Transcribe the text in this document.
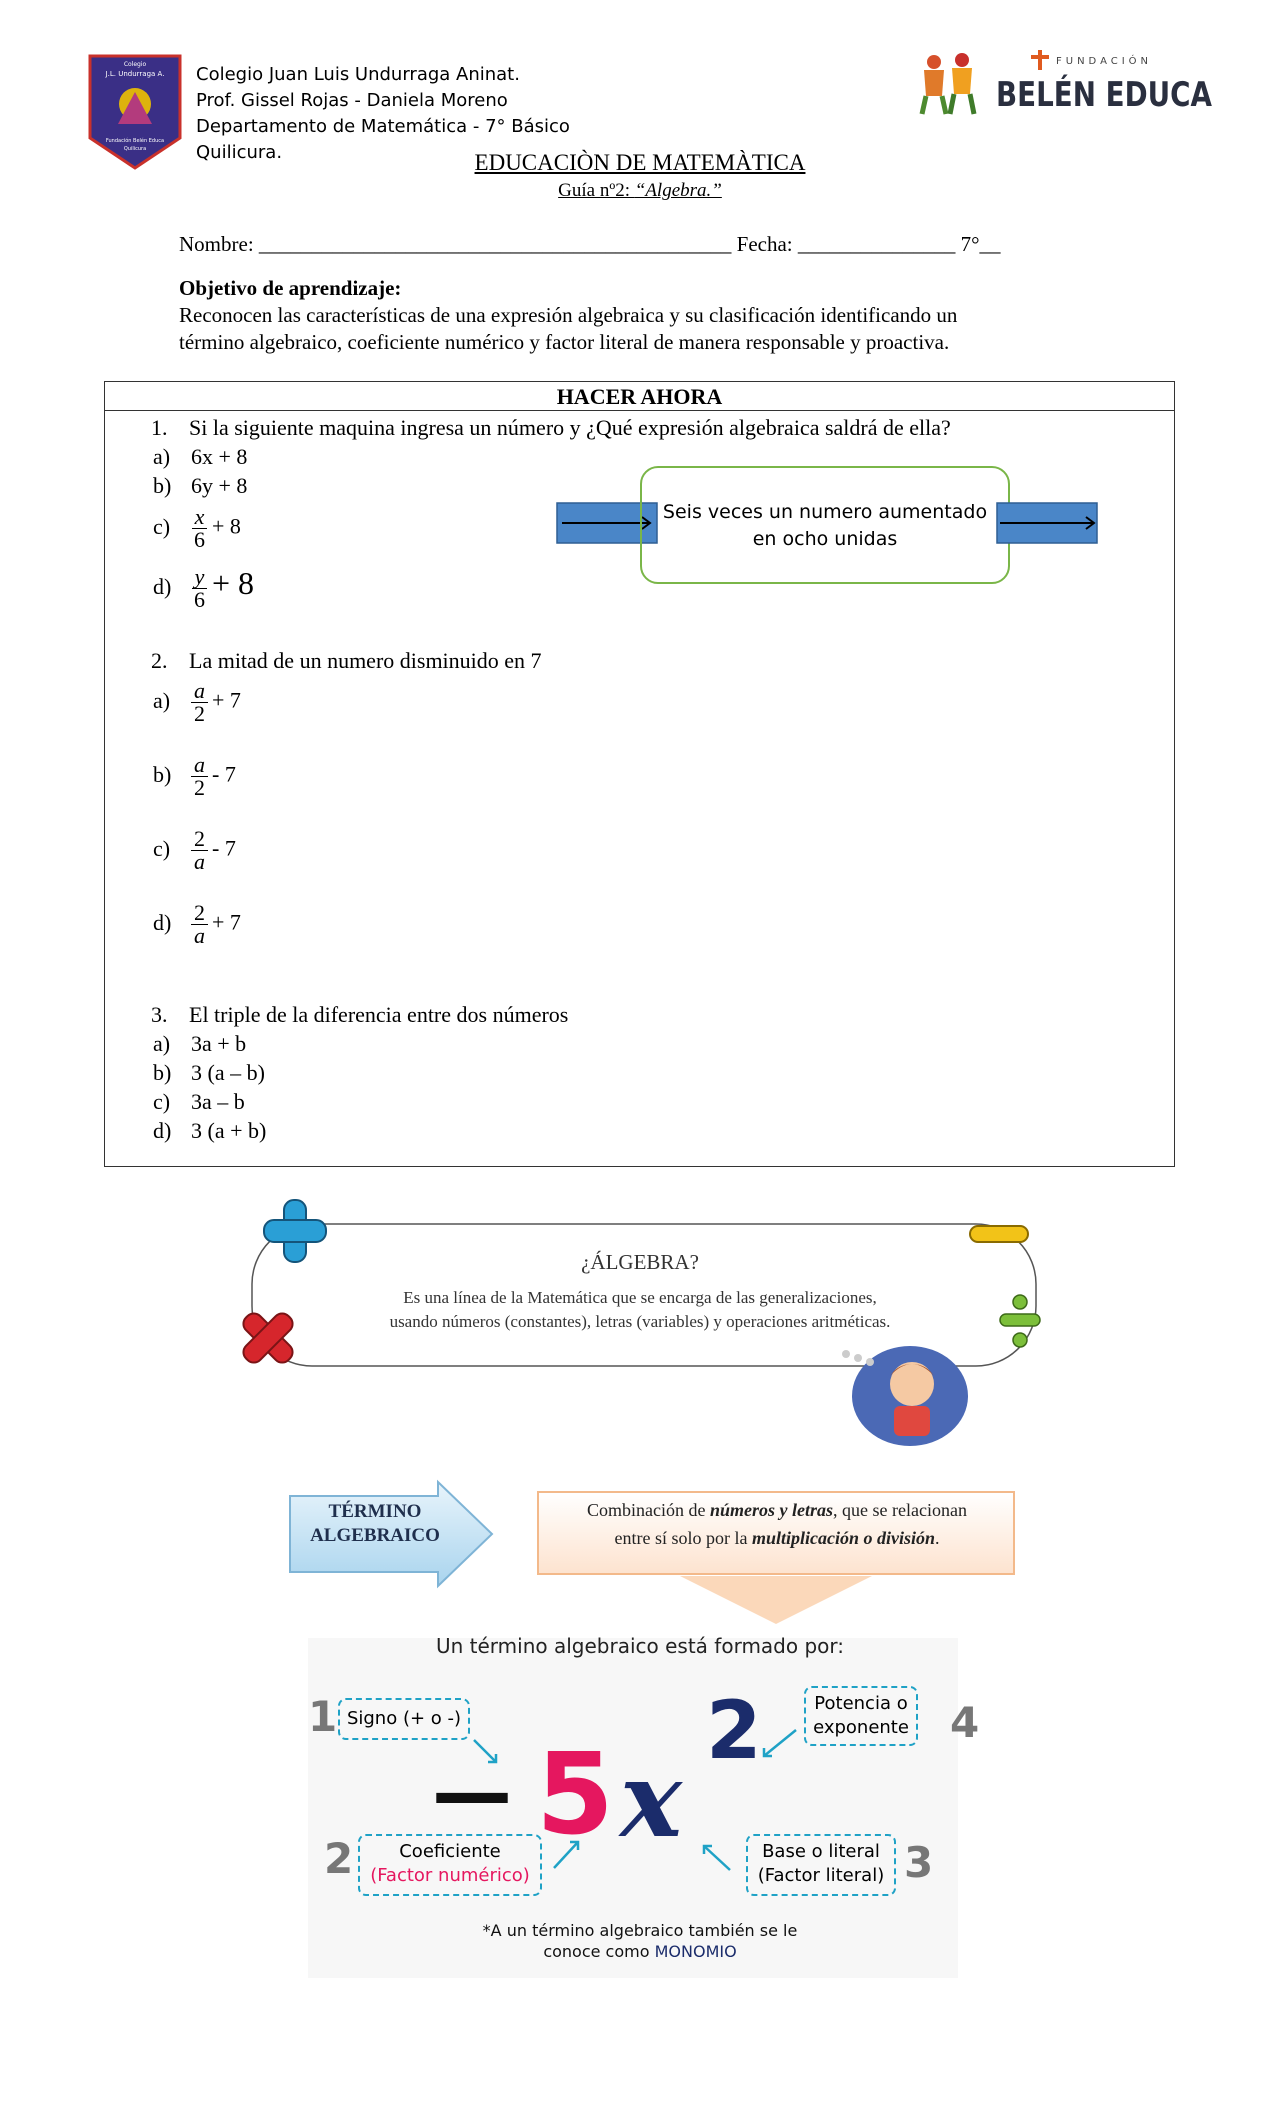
Colegio
J.L. Undurraga A.
Fundación Belén Educa
Quilicura
Colegio Juan Luis Undurraga Aninat.
Prof. Gissel Rojas - Daniela Moreno
Departamento de Matemática - 7° Básico
Quilicura.
FUNDACIÓN
BELÉN EDUCA
EDUCACIÒN DE MATEMÀTICA
Guía nº2: “Algebra.”
Nombre: _____________________________________________ Fecha: _______________ 7°__
Objetivo de aprendizaje:
Reconocen las características de una expresión algebraica y su clasificación identificando un
término algebraico, coeficiente numérico y factor literal de manera responsable y proactiva.
HACER AHORA
1. Si la siguiente maquina ingresa un número y ¿Qué expresión algebraica saldrá de ella?
a) 6x + 8
b) 6y + 8
$c) \frac{x}{6} + 8$
$d) \frac{y}{6} + 8$
2. La mitad de un numero disminuido en 7
$a) \frac{a}{2} + 7$
$b) \frac{a}{2} - 7$
$c) \frac{2}{a} - 7$
$d) \frac{2}{a} + 7$
3. El triple de la diferencia entre dos números
a) 3a + b
b) 3 (a – b)
c) 3a – b
d) 3 (a + b)
Seis veces un numero aumentado
en ocho unidas
¿ÁLGEBRA?
Es una línea de la Matemática que se encarga de las generalizaciones,
usando números (constantes), letras (variables) y operaciones aritméticas.
TÉRMINO
ALGEBRAICO
Combinación de números y letras, que se relacionan
entre sí solo por la multiplicación o división.
Un término algebraico está formado por:
1 Signo (+ o -)	4
Potencia o
exponente
— 5 x
2
2	Coeficiente
(Factor numérico)
Base o literal
(Factor literal) 3
*A un término algebraico también se le
conoce como MONOMIO
